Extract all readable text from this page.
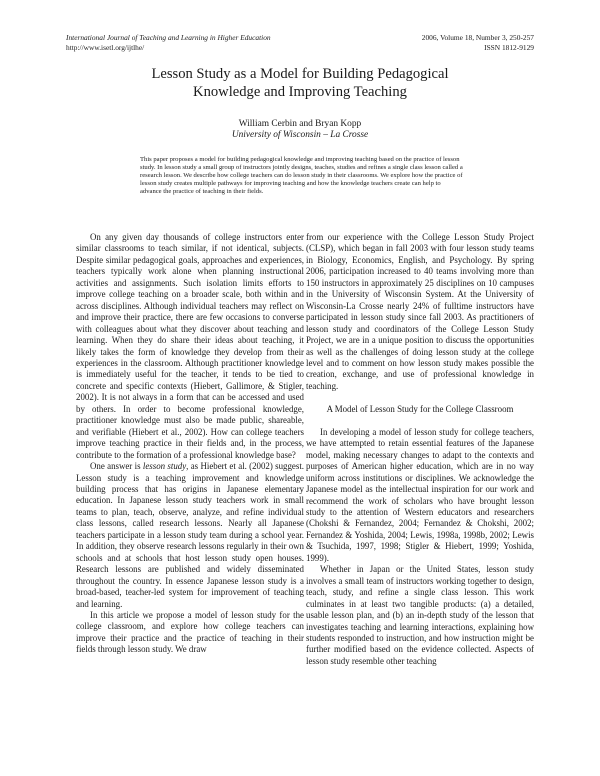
International Journal of Teaching and Learning in Higher Education	2006, Volume 18, Number 3, 250-257
http://www.isetl.org/ijtlhe/	ISSN 1812-9129
Lesson Study as a Model for Building Pedagogical
Knowledge and Improving Teaching
William Cerbin and Bryan Kopp
University of Wisconsin – La Crosse
This paper proposes a model for building pedagogical knowledge and improving teaching based on the practice of lesson study. In lesson study a small group of instructors jointly designs, teaches, studies and refines a single class lesson called a research lesson. We describe how college teachers can do lesson study in their classrooms. We explore how the practice of lesson study creates multiple pathways for improving teaching and how the knowledge teachers create can help to advance the practice of teaching in their fields.

On any given day thousands of college instructors enter similar classrooms to teach similar, if not identical, subjects. Despite similar pedagogical goals, approaches and experiences, teachers typically work alone when planning instructional activities and assignments. Such isolation limits efforts to improve college teaching on a broader scale, both within and across disciplines. Although individual teachers may reflect on and improve their practice, there are few occasions to converse with colleagues about what they discover about teaching and learning. When they do share their ideas about teaching, it likely takes the form of knowledge they develop from their experiences in the classroom. Although practitioner knowledge is immediately useful for the teacher, it tends to be tied to concrete and specific contexts (Hiebert, Gallimore, & Stigler, 2002). It is not always in a form that can be accessed and used by others. In order to become professional knowledge, practitioner knowledge must also be made public, shareable, and verifiable (Hiebert et al., 2002). How can college teachers improve teaching practice in their fields and, in the process, contribute to the formation of a professional knowledge base?

One answer is lesson study, as Hiebert et al. (2002) suggest. Lesson study is a teaching improvement and knowledge building process that has origins in Japanese elementary education. In Japanese lesson study teachers work in small teams to plan, teach, observe, analyze, and refine individual class lessons, called research lessons. Nearly all Japanese teachers participate in a lesson study team during a school year. In addition, they observe research lessons regularly in their own schools and at schools that host lesson study open houses. Research lessons are published and widely disseminated throughout the country. In essence Japanese lesson study is a broad-based, teacher-led system for improvement of teaching and learning.

In this article we propose a model of lesson study for the college classroom, and explore how college teachers can improve their practice and the practice of teaching in their fields through lesson study. We draw

from our experience with the College Lesson Study Project (CLSP), which began in fall 2003 with four lesson study teams in Biology, Economics, English, and Psychology. By spring 2006, participation increased to 40 teams involving more than 150 instructors in approximately 25 disciplines on 10 campuses in the University of Wisconsin System. At the University of Wisconsin-La Crosse nearly 24% of fulltime instructors have participated in lesson study since fall 2003. As practitioners of lesson study and coordinators of the College Lesson Study Project, we are in a unique position to discuss the opportunities as well as the challenges of doing lesson study at the college level and to comment on how lesson study makes possible the creation, exchange, and use of professional knowledge in teaching.

A Model of Lesson Study for the College Classroom

In developing a model of lesson study for college teachers, we have attempted to retain essential features of the Japanese model, making necessary changes to adapt to the contexts and purposes of American higher education, which are in no way uniform across institutions or disciplines. We acknowledge the Japanese model as the intellectual inspiration for our work and recommend the work of scholars who have brought lesson study to the attention of Western educators and researchers (Chokshi & Fernandez, 2004; Fernandez & Chokshi, 2002; Fernandez & Yoshida, 2004; Lewis, 1998a, 1998b, 2002; Lewis & Tsuchida, 1997, 1998; Stigler & Hiebert, 1999; Yoshida, 1999).

Whether in Japan or the United States, lesson study involves a small team of instructors working together to design, teach, study, and refine a single class lesson. This work culminates in at least two tangible products: (a) a detailed, usable lesson plan, and (b) an in-depth study of the lesson that investigates teaching and learning interactions, explaining how students responded to instruction, and how instruction might be further modified based on the evidence collected. Aspects of lesson study resemble other teaching
